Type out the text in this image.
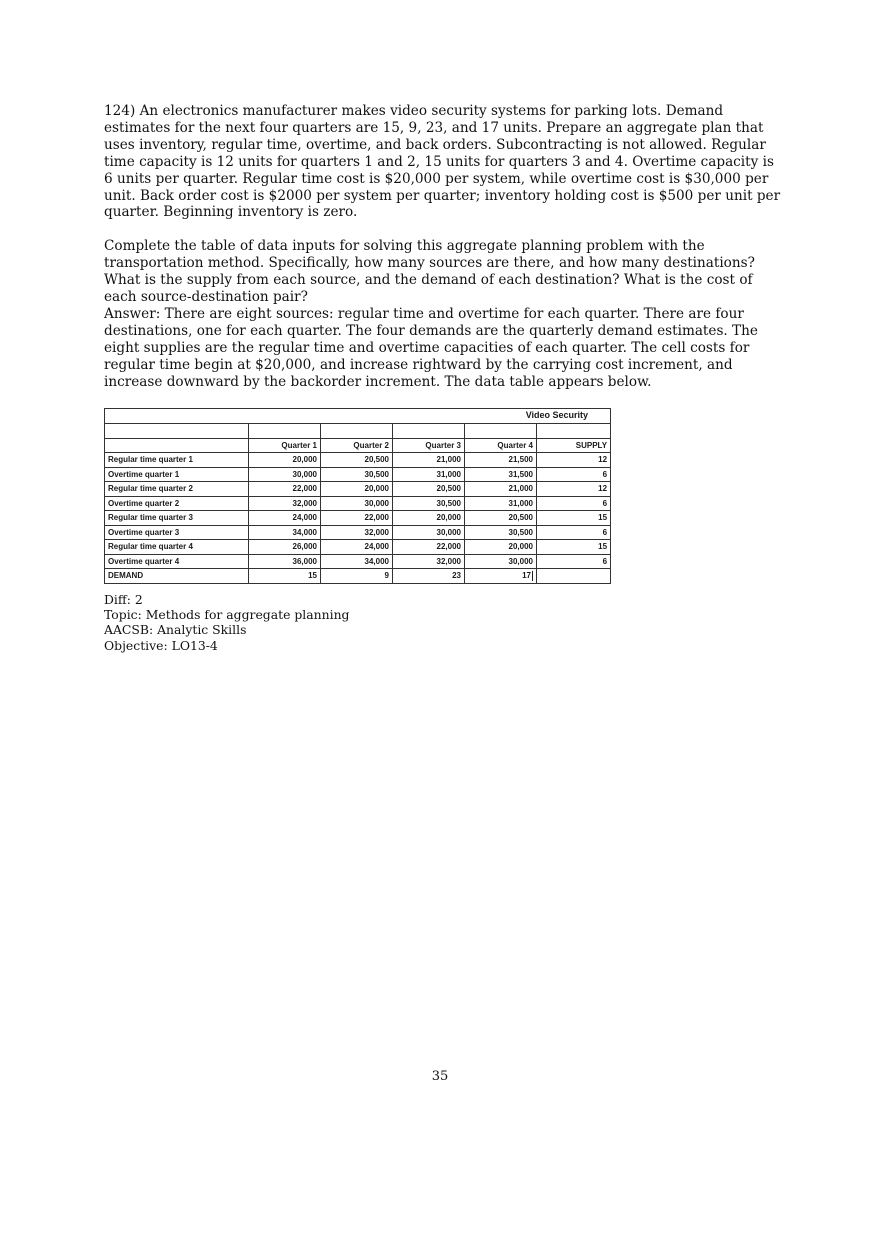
124) An electronics manufacturer makes video security systems for parking lots. Demand estimates for the next four quarters are 15, 9, 23, and 17 units. Prepare an aggregate plan that uses inventory, regular time, overtime, and back orders. Subcontracting is not allowed. Regular time capacity is 12 units for quarters 1 and 2, 15 units for quarters 3 and 4. Overtime capacity is 6 units per quarter. Regular time cost is $20,000 per system, while overtime cost is $30,000 per unit. Back order cost is $2000 per system per quarter; inventory holding cost is $500 per unit per quarter. Beginning inventory is zero.

Complete the table of data inputs for solving this aggregate planning problem with the transportation method. Specifically, how many sources are there, and how many destinations? What is the supply from each source, and the demand of each destination? What is the cost of each source-destination pair?

Answer: There are eight sources: regular time and overtime for each quarter. There are four destinations, one for each quarter. The four demands are the quarterly demand estimates. The eight supplies are the regular time and overtime capacities of each quarter. The cell costs for regular time begin at $20,000, and increase rightward by the carrying cost increment, and increase downward by the backorder increment. The data table appears below.

Video Security					

	Quarter 1	Quarter 2	Quarter 3	Quarter 4	SUPPLY
Regular time quarter 1	20,000	20,500	21,000	21,500	12
Overtime quarter 1	30,000	30,500	31,000	31,500	6
Regular time quarter 2	22,000	20,000	20,500	21,000	12
Overtime quarter 2	32,000	30,000	30,500	31,000	6
Regular time quarter 3	24,000	22,000	20,000	20,500	15
Overtime quarter 3	34,000	32,000	30,000	30,500	6
Regular time quarter 4	26,000	24,000	22,000	20,000	15
Overtime quarter 4	36,000	34,000	32,000	30,000	6
DEMAND	15	9	23	17	
Diff: 2
Topic: Methods for aggregate planning
AACSB: Analytic Skills
Objective: LO13-4
35
